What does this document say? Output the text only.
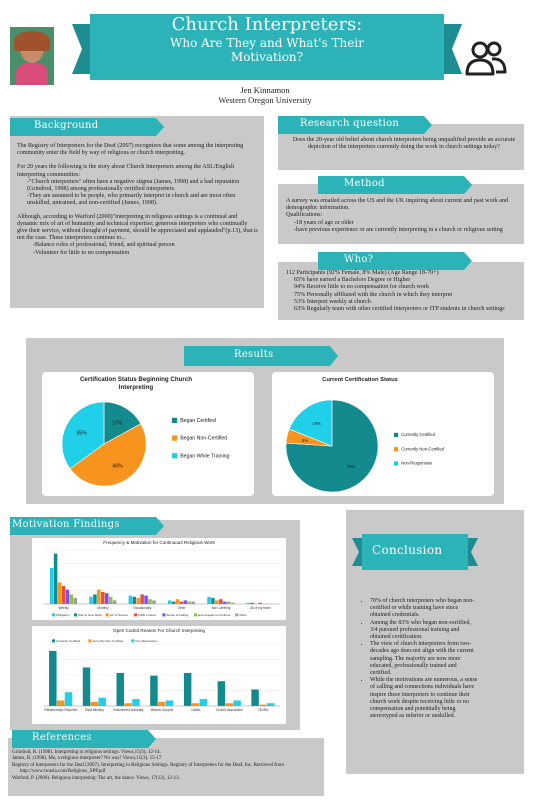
Church Interpreters:
Who Are They and What's Their
Motivation?
Jen Kinnamon
Western Oregon University
Background
The Registry of Interpreters for the Deaf (2007) recognizes that some among the interpreting community enter the field by way of religious or church interpreting.
For 20 years the following is the story about Church Interpreters among the ASL/English interpreting communities:
-"Church interpreters" often have a negative stigma (James, 1998) and a bad reputation (Grindrod, 1998) among professionally certified interpreters.
-They are assumed to be people, who primarily interpret in church and are most often unskilled, untrained, and non-certified (James, 1998).
Although, according to Warford (2000)"interpreting in religious settings is a continual and dynamic mix of art of humanity and technical expertise; generous interpreters who continually give their service, without thought of payment, should be appreciated and applauded"(p.13), that is not the case. These interpreters continue to...
-Balance roles of professional, friend, and spiritual person
-Volunteer for little to no compensation
Research question
Does the 20-year old belief about church interpreters being unqualified provide an accurate depiction of the interpreters currently doing the work in church settings today?
Method
A survey was emailed across the US and the UK inquiring about current and past work and demographic information.
Qualifications:
-18 years of age or older
-have previous experience or are currently interpreting in a church or religious setting
Who?
112 Participants (92% Female, 8% Male) (Age Range 18-70+)
65% have earned a Bachelors Degree or Higher
94% Receive little to no compensation for church work
75% Personally affiliated with the church in which they interpret
53% Interpret weekly at church
63% Regularly team with other certified interpreters or ITP students in church settings
Results
Certification Status Beginning Church Interpreting
17%
48%
35%
Began Certified
Began Non-Certified
Began While Training
Current Certification Status
76%
5%
19%
Currently Certified
Currently Non-Certified
Non-Responsive
Motivation Findings
Frequency & Motivation for Continuous Religious Work
Weekly	Monthly	Occasionally	Other	Not Currently	All of my team
Obligation	Way to Give Back	Act of Service	Fulfill a Need	Sense of Calling	Encouraged to Continue	Other
Open Coded Reason For Church Interpreting
Relationships Required Deaf Ministry	Volunteered Naturally Mission Support	Called	Church Association	ODIRA
Currently Certified	Currently Non-Certified	Non-Responsive
Conclusion
• 70% of church interpreters who began non-certified or while training have since obtained credentials.
• Among the 83% who began non-certified, 3/4 pursued professional training and obtained certification.
• The view of church interpreters from two-decades ago does not align with the current sampling. The majority are now more educated, professionally trained and certified.
• While the motivations are numerous, a sense of calling and connections individuals have inspire these interpreters to continue their church work despite receiving little or no compensation and potentially being stereotyped as inferior or unskilled.
References
Grindrod, R. (1998). Interpreting in religious settings. Views,15(3), 12-14.
James, R. (1998). Me, a religious interpreter? No way! Views,15(3), 15-17.
Registry of Interpreters for the Deaf (2007). Interpreting in Religious Settings. Registry of Interpreters for the Deaf, Inc. Retrieved from http://www.rwasla.com/Religious_SPP.pdf
Warford, P. (2000). Religious interpreting: The art, the dance. Views, 17(12), 12-13.
